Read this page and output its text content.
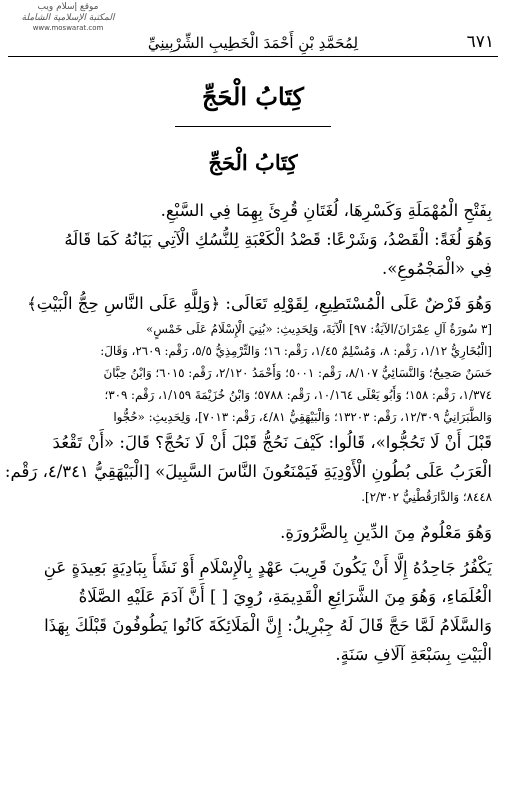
موقع إسلام ويب
المكتبة الإسلامية الشاملة
www.moswarat.com
٦٧١
لِمُحَمَّدِ بْنِ أَحْمَدَ الْخَطِيبِ الشِّرْبِينِيِّ
كِتَابُ الْحَجِّ
كِتَابُ الْحَجِّ
بِفَتْحِ الْمُهْمَلَةِ وَكَسْرِهَا، لُغَتَانِ قُرِئَ بِهِمَا فِي السَّبْعِ.
وَهُوَ لُغَةً: الْقَصْدُ، وَشَرْعًا: قَصْدُ الْكَعْبَةِ لِلنُّسُكِ الْآتِي بَيَانُهُ كَمَا قَالَهُ
فِي «الْمَجْمُوعِ».
وَهُوَ فَرْضٌ عَلَى الْمُسْتَطِيعِ، لِقَوْلِهِ تَعَالَى: ﴿وَلِلَّهِ عَلَى النَّاسِ حِجُّ الْبَيْتِ﴾
[٣ سُورَةُ آلِ عِمْرَانَ/الآيَةُ: ٩٧] الْآيَةَ، وَلِحَدِيثِ: «بُنِيَ الْإِسْلَامُ عَلَى خَمْسٍ»
[الْبُخَارِيُّ ١/١٢، رَقْم: ٨، وَمُسْلِمٌ ١/٤٥، رَقْم: ١٦؛ وَالتِّرْمِذِيُّ ٥/٥، رَقْم: ٢٦٠٩، وَقَالَ:
حَسَنٌ صَحِيحٌ؛ وَالنَّسَائِيُّ ٨/١٠٧، رَقْم: ٥٠٠١؛ وَأَحْمَدُ ٢/١٢٠، رَقْم: ٦٠١٥؛ وَابْنُ حِبَّانَ
١/٣٧٤، رَقْم: ١٥٨؛ وَأَبُو يَعْلَى ١٠/١٦٤، رَقْم: ٥٧٨٨؛ وَابْنُ خُزَيْمَةَ ١/١٥٩، رَقْم: ٣٠٩؛
وَالطَّبَرَانِيُّ ١٢/٣٠٩، رَقْم: ١٣٢٠٣؛ وَالْبَيْهَقِيُّ ٤/٨١، رَقْم: ٧٠١٣]، وَلِحَدِيثِ: «حُجُّوا
قَبْلَ أَنْ لَا تَحُجُّوا»، قَالُوا: كَيْفَ نَحُجُّ قَبْلَ أَنْ لَا نَحُجَّ؟ قَالَ: «أَنْ تَقْعُدَ
الْعَرَبُ عَلَى بُطُونِ الْأَوْدِيَةِ فَيَمْنَعُونَ النَّاسَ السَّبِيلَ» [الْبَيْهَقِيُّ ٤/٣٤١، رَقْم:
٨٤٤٨؛ وَالدَّارَقُطْنِيُّ ٢/٣٠٢].
وَهُوَ مَعْلُومٌ مِنَ الدِّينِ بِالضَّرُورَةِ.
يَكْفُرُ جَاحِدُهُ إِلَّا أَنْ يَكُونَ قَرِيبَ عَهْدٍ بِالْإِسْلَامِ أَوْ نَشَأَ بِبَادِيَةٍ بَعِيدَةٍ عَنِ
الْعُلَمَاءِ، وَهُوَ مِنَ الشَّرَائِعِ الْقَدِيمَةِ، رُوِيَ [ ] أَنَّ آدَمَ عَلَيْهِ الصَّلَاةُ
وَالسَّلَامُ لَمَّا حَجَّ قَالَ لَهُ جِبْرِيلُ: إِنَّ الْمَلَائِكَةَ كَانُوا يَطُوفُونَ قَبْلَكَ بِهَذَا
الْبَيْتِ بِسَبْعَةِ آلَافِ سَنَةٍ.
